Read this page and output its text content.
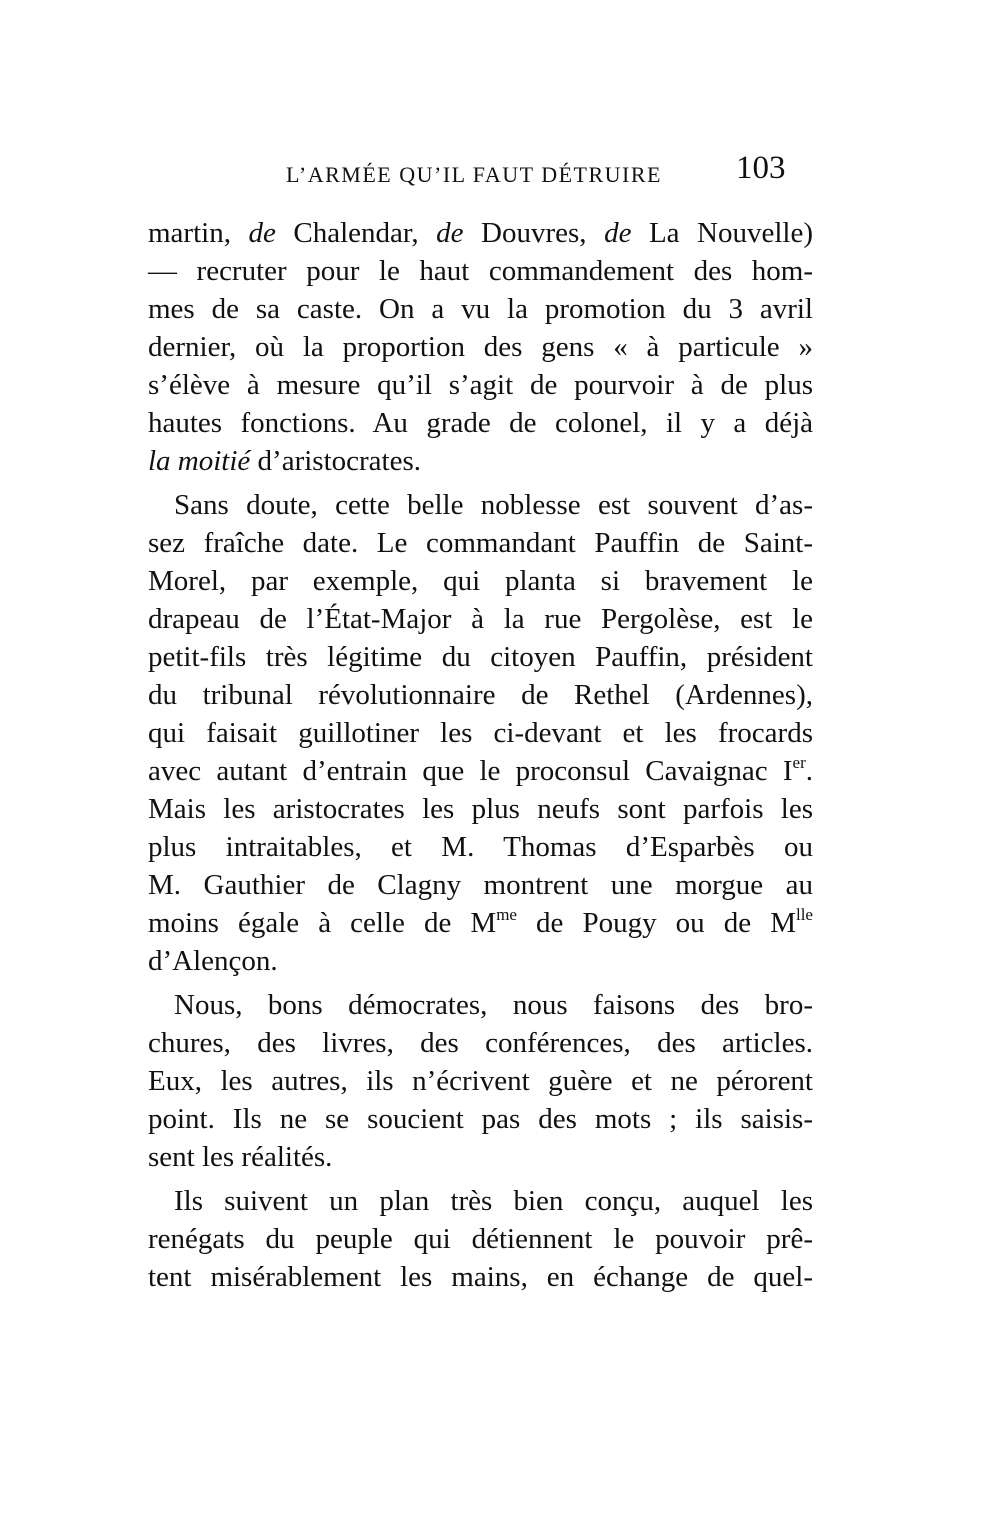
L’ARMÉE QU’IL FAUT DÉTRUIRE 103
martin, de Chalendar, de Douvres, de La Nouvelle)
— recruter pour le haut commandement des hom-
mes de sa caste. On a vu la promotion du 3 avril
dernier, où la proportion des gens « à particule »
s’élève à mesure qu’il s’agit de pourvoir à de plus
hautes fonctions. Au grade de colonel, il y a déjà
la moitié d’aristocrates.
Sans doute, cette belle noblesse est souvent d’as-
sez fraîche date. Le commandant Pauffin de Saint-
Morel, par exemple, qui planta si bravement le
drapeau de l’État-Major à la rue Pergolèse, est le
petit-fils très légitime du citoyen Pauffin, président
du tribunal révolutionnaire de Rethel (Ardennes),
qui faisait guillotiner les ci-devant et les frocards
avec autant d’entrain que le proconsul Cavaignac Ier.
Mais les aristocrates les plus neufs sont parfois les
plus intraitables, et M. Thomas d’Esparbès ou
M. Gauthier de Clagny montrent une morgue au
moins égale à celle de $M^{me}$ de Pougy ou de $M^{lle}$
d’Alençon.
Nous, bons démocrates, nous faisons des bro-
chures, des livres, des conférences, des articles.
Eux, les autres, ils n’écrivent guère et ne pérorent
point. Ils ne se soucient pas des mots ; ils saisis-
sent les réalités.
Ils suivent un plan très bien conçu, auquel les
renégats du peuple qui détiennent le pouvoir prê-
tent misérablement les mains, en échange de quel-
